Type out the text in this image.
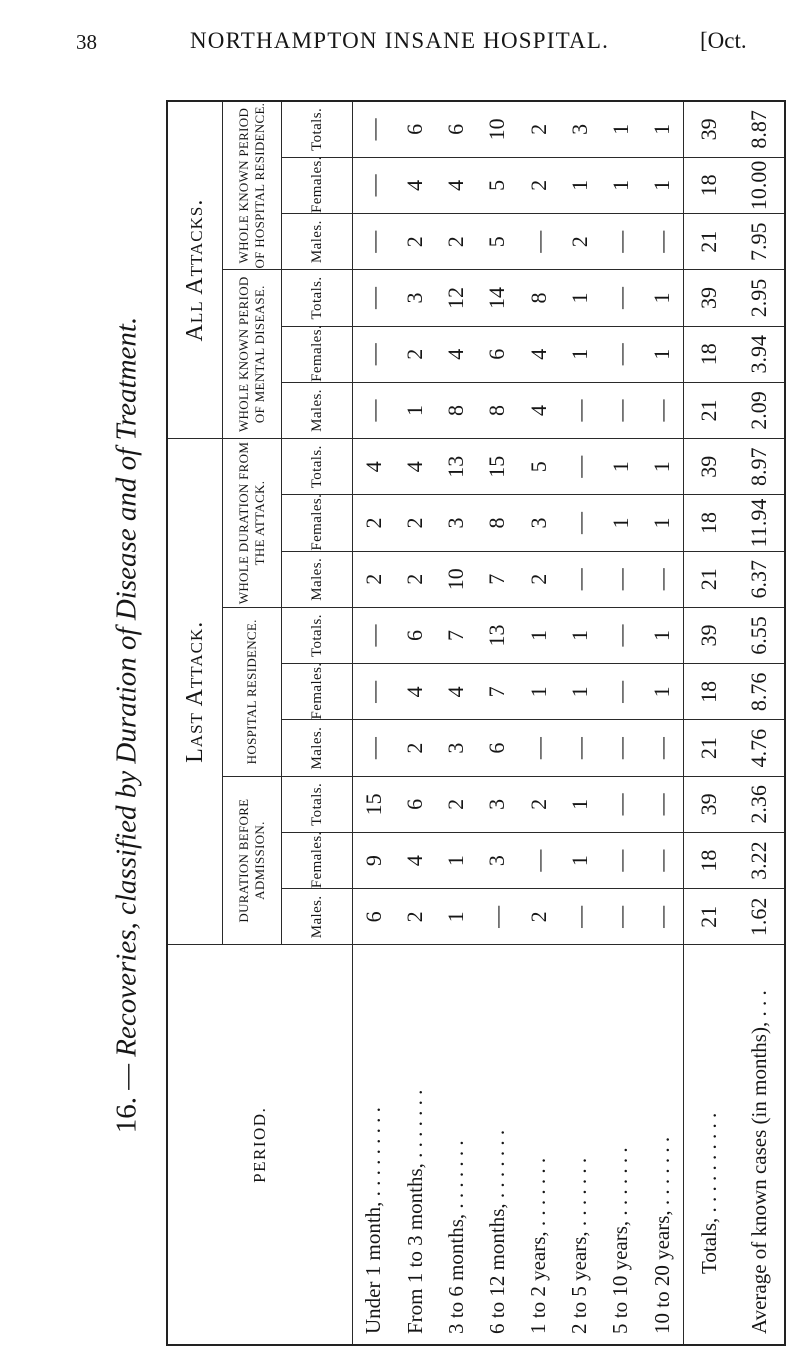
38	NORTHAMPTON INSANE HOSPITAL.	[Oct.
16. — Recoveries, classified by Duration of Disease and of Treatment.
PERIOD.	Last Attack.									All Attacks.					
	DURATION BEFORE ADMISSION.			HOSPITAL RESIDENCE.			WHOLE DURATION FROM THE ATTACK.			WHOLE KNOWN PERIOD OF MENTAL DISEASE.			WHOLE KNOWN PERIOD OF HOSPITAL RESIDENCE.		
	Males.	Females.	Totals.	Males.	Females.	Totals.	Males.	Females.	Totals.	Males.	Females.	Totals.	Males.	Females.	Totals.
Under 1 month, . . . . . . . . .	6	9	15	—	—	—	2	2	4	—	—	—	—	—	—
From 1 to 3 months, . . . . . . .	2	4	6	2	4	6	2	2	4	1	2	3	2	4	6
3 to 6 months, . . . . . . .	1	1	2	3	4	7	10	3	13	8	4	12	2	4	6
6 to 12 months, . . . . . . .	—	3	3	6	7	13	7	8	15	8	6	14	5	5	10
1 to 2 years, . . . . . . .	2	—	2	—	1	1	2	3	5	4	4	8	—	2	2
2 to 5 years, . . . . . . .	—	1	1	—	1	1	—	—	—	—	1	1	2	1	3
5 to 10 years, . . . . . . .	—	—	—	—	—	—	—	1	1	—	—	—	—	1	1
10 to 20 years, . . . . . . .	—	—	—	—	1	1	—	1	1	—	1	1	—	1	1
Totals, . . . . . . . . . .	21	18	39	21	18	39	21	18	39	21	18	39	21	18	39
Average of known cases (in months), . . .	1.62	3.22	2.36	4.76	8.76	6.55	6.37	11.94	8.97	2.09	3.94	2.95	7.95	10.00	8.87
